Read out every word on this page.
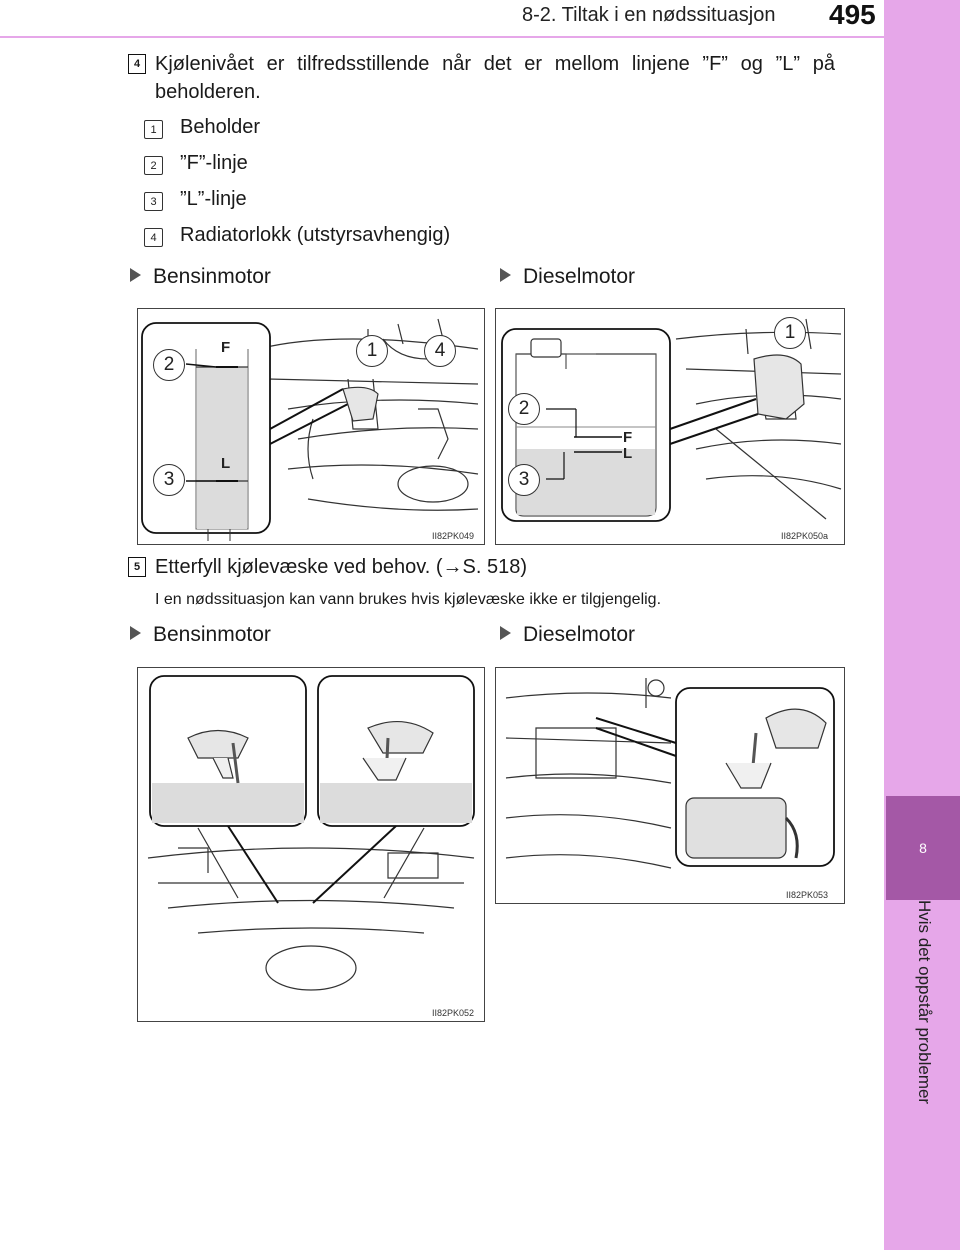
8-2. Tiltak i en nødssituasjon 495
8
Hvis det oppstår problemer
4 Kjølenivået er tilfredsstillende når det er mellom linjene ”F” og ”L” på beholderen.
1	Beholder
2	”F”-linje
3	”L”-linje
4	Radiatorlokk (utstyrsavhengig)
Bensinmotor	Dieselmotor
2
3
1	4
F
L
II82PK049
1
2
3
F
L
II82PK050a
5 Etterfyll kjølevæske ved behov. (→S. 518)
I en nødssituasjon kan vann brukes hvis kjølevæske ikke er tilgjengelig.
Bensinmotor	Dieselmotor
II82PK052
II82PK053
